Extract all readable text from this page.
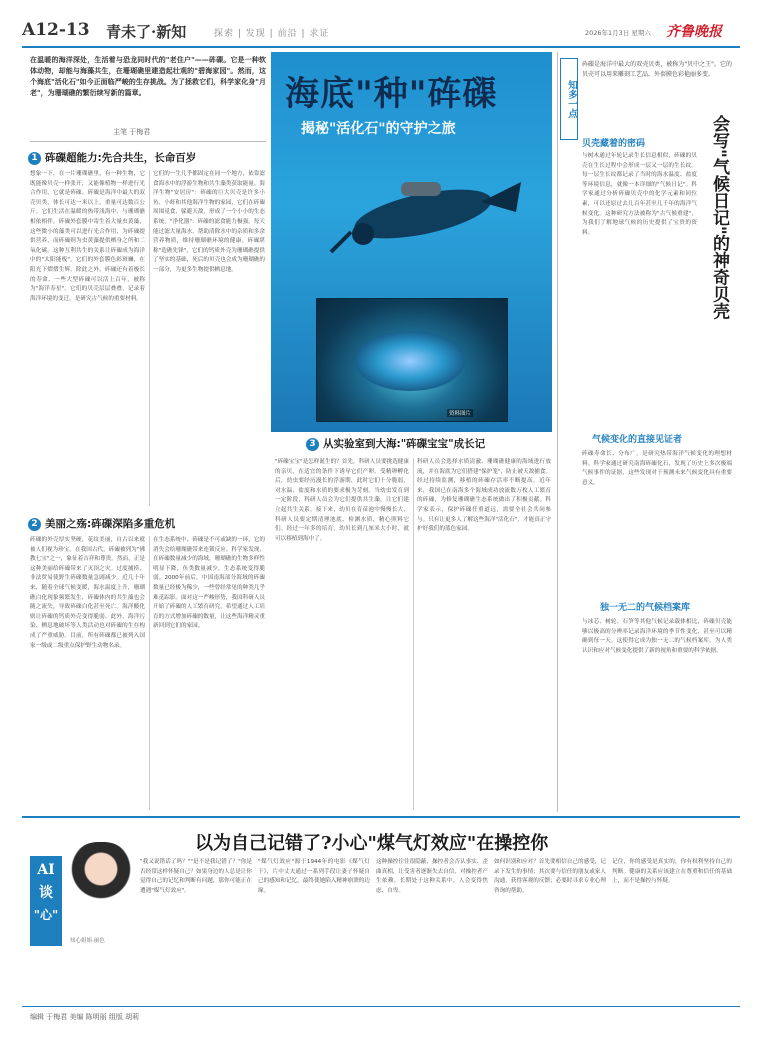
A12-13 青未了·新知	探索 | 发现 | 前沿 | 求证	2026年1月3日 星期六 齐鲁晚报
在温暖的海洋深处，生活着与恐龙同时代的"老住户"——砗磲。它是一种软体动物，却能与海藻共生，在珊瑚礁里建造起壮观的"碧海家园"。然而，这个海底"活化石"如今正面临严峻的生存挑战。为了拯救它们，科学家化身"月老"，为珊瑚礁的繁衍续写新的篇章。
主笔 于梅君
海底"种"砗磲
揭秘"活化石"的守护之旅
资料图片
1 砗磲超能力:先合共生，长命百岁
想象一下，在一片珊瑚礁里，有一种生物，它既能像贝壳一样张开，又能像植物一样进行光合作用，它就是砗磲。砗磲是海洋中最大的双壳贝类，体长可达一米以上，重量可达数百公斤。它们生活在温暖的热带浅海中，与珊瑚礁相依相伴。砗磲外套膜中寄生着大量虫黄藻，这些微小的藻类可以进行光合作用，为砗磲提供营养，而砗磲则为虫黄藻提供栖身之所和二氧化碳。这种互利共生的关系让砗磲成为海洋中的"太阳能板"，它们的外套膜色彩斑斓，在阳光下熠熠生辉。除此之外，砗磲还有着极长的寿命，一些大型砗磲可以活上百年，被称为"海洋寿星"。它们的贝壳层层叠叠，记录着海洋环境的变迁，是研究古气候的重要材料。
它们的一生几乎都固定在同一个地方，依靠滤食海水中的浮游生物和共生藻类获取能量。海洋生物"安居房"：砗磲的巨大贝壳是许多小鱼、小虾和其他海洋生物的家园，它们在砗磲周围觅食、躲避天敌，形成了一个小小的生态系统。"净化器"：砗磲的滤食能力极强，每天能过滤大量海水，帮助清除水中的杂质和多余营养物质，维持珊瑚礁环境的健康。砗磲堪称"造礁先锋"，它们的钙质外壳为珊瑚礁提供了坚实的基础，死后的贝壳也会成为珊瑚礁的一部分，为更多生物提供栖息地。
2 美丽之殇:砗磲深陷多重危机
砗磲的外壳厚实坚硬，花纹美丽，自古以来就被人们视为珍宝。在我国古代，砗磲被列为"佛教七宝"之一，象征着吉祥和尊贵。然而，正是这种美丽给砗磲带来了灭顶之灾。过度捕捞、非法贸易使野生砗磲数量急剧减少。近几十年来，随着全球气候变暖，海水温度上升，珊瑚礁白化现象频繁发生，砗磲体内的共生藻也会随之流失，导致砗磲白化甚至死亡。海洋酸化则让砗磲的钙质外壳变得脆弱。此外，海洋污染、栖息地破坏等人类活动也对砗磲的生存构成了严重威胁。目前，所有砗磲都已被列入国家一级或二级重点保护野生动物名录。
在生态系统中，砗磲是不可或缺的一环，它的消失会给珊瑚礁带来连锁反应。科学家发现，在砗磲数量减少的海域，珊瑚礁的生物多样性明显下降，鱼类数量减少，生态系统变得脆弱。2000年前后，中国南海部分海域的砗磲数量已经极为稀少，一些曾经常见的种类几乎难觅踪影。面对这一严峻形势，我国科研人员开始了砗磲的人工繁育研究，希望通过人工培育的方式增加砗磲的数量，让这些海洋精灵重新回到它们的家园。
3 从实验室到大海:"砗磲宝宝"成长记
"砗磲宝宝"是怎样诞生的？首先，科研人员要挑选健康的亲贝，在适宜的条件下诱导它们产卵。受精卵孵化后，幼虫要经历漫长的浮游期，此时它们十分脆弱，对水温、盐度和水质的要求极为苛刻。当幼虫发育到一定阶段，科研人员会为它们提供共生藻，让它们建立起共生关系。接下来，幼贝在育苗池中慢慢长大，科研人员要定期清理池底、检测水质，精心照料它们。经过一年多的培育，幼贝长到几厘米大小时，就可以移植到海中了。
科研人员会选择水质清澈、珊瑚礁健康的海域进行放流，并在海底为它们搭建"保护笼"，防止被天敌捕食。经过持续监测，移植的砗磲存活率不断提高。近年来，我国已在南海多个海域成功放流数万枚人工繁育的砗磲，为修复珊瑚礁生态系统做出了积极贡献。科学家表示，保护砗磲任重道远，需要全社会共同参与。只有让更多人了解这些海洋"活化石"，才能真正守护好我们的蓝色家园。
知多一点
砗磲是海洋中最大的双壳贝类，被称为"贝中之王"。它的贝壳可以用来雕刻工艺品，外套膜色彩艳丽多变。
会写"气候日记"的神奇贝壳
贝壳藏着的密码
与树木通过年轮记录生长信息相似，砗磲的贝壳在生长过程中会形成一层又一层的生长纹。每一层生长纹都记录了当时的海水温度、盐度等环境信息，就像一本详细的"气候日记"。科学家通过分析砗磲贝壳中的化学元素和同位素，可以还原过去几百年甚至几千年的海洋气候变化。这种研究方法被称为"古气候重建"，为我们了解地球气候的历史提供了宝贵的资料。
气候变化的直接见证者
砗磲寿命长、分布广，是研究热带海洋气候变化的理想材料。科学家通过研究南海砗磲化石，发现了历史上多次极端气候事件的证据，这些发现对于预测未来气候变化具有重要意义。
独一无二的气候档案库
与冰芯、树轮、石笋等其他气候记录载体相比，砗磲贝壳能够以极高的分辨率记录海洋环境的季节性变化，甚至可以精确到每一天。这使得它成为独一无二的气候档案库，为人类认识和应对气候变化提供了新的视角和重要的科学依据。
AI
谈
"心"
知心姐姐·丽色
以为自己记错了?小心"煤气灯效应"在操控你
"我又说错话了吗？""是不是我记错了？"你是否经常这样怀疑自己？如果身边的人总是让你觉得自己的记忆和判断有问题，那你可能正在遭遇"煤气灯效应"。
"煤气灯效应"源于1944年的电影《煤气灯下》，片中丈夫通过一系列手段让妻子怀疑自己的感知和记忆，最终使她陷入精神崩溃的边缘。
这种操控往往很隐蔽，操控者会否认事实、歪曲真相，让受害者逐渐失去自信，对操控者产生依赖。长期处于这种关系中，人会变得焦虑、自卑。
如何识别和应对？首先要相信自己的感受，记录下发生的事情；其次要与信任的朋友或家人沟通，获得客观的反馈；必要时寻求专业心理咨询的帮助。
记住，你的感受是真实的，你有权利坚持自己的判断。健康的关系应该建立在尊重和信任的基础上，而不是操控与怀疑。
编辑 于梅君 美编 陈明丽 组版 胡莉
